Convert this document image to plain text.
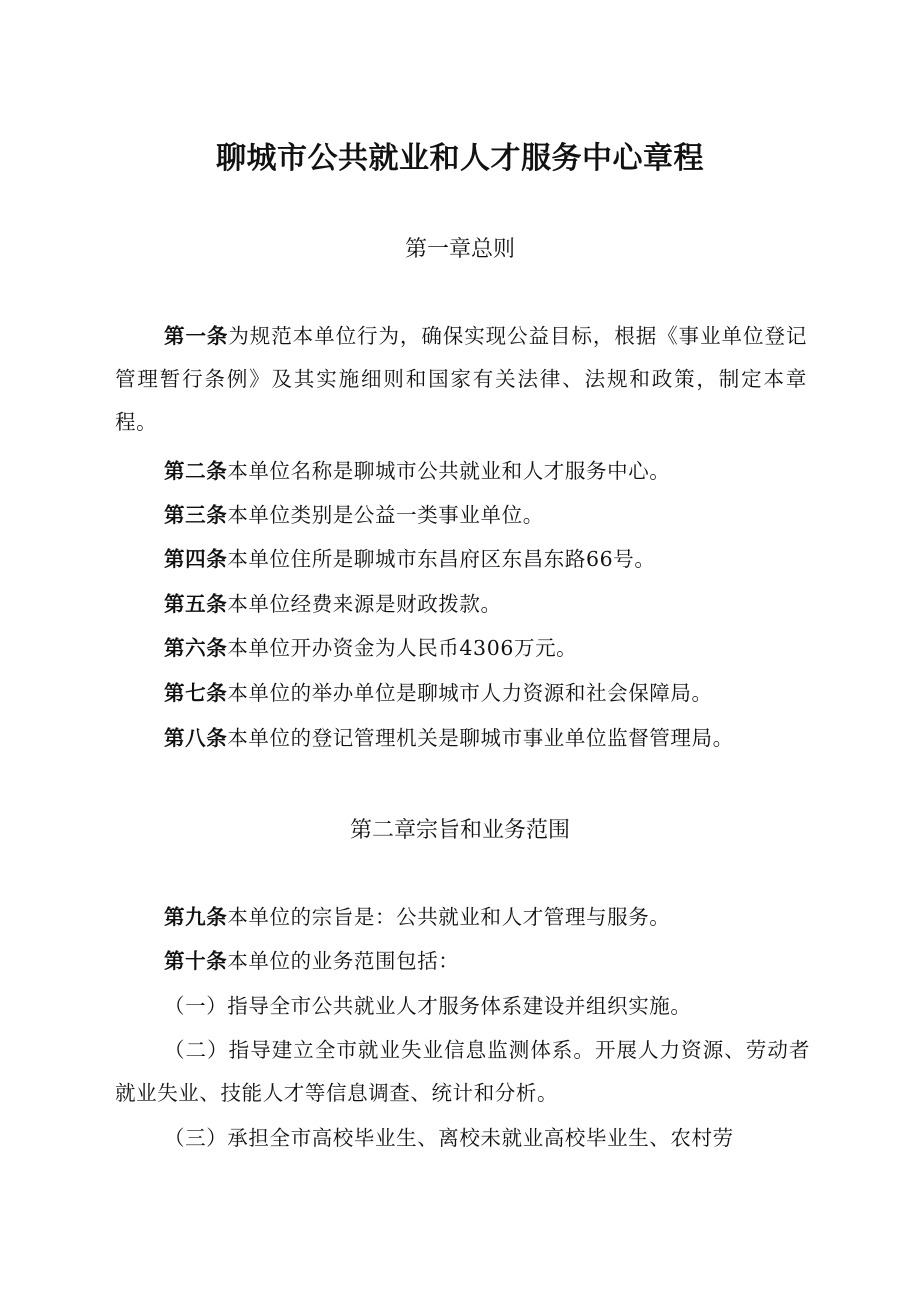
聊城市公共就业和人才服务中心章程
第一章总则
第一条为规范本单位行为，确保实现公益目标，根据《事业单位登记管理暂行条例》及其实施细则和国家有关法律、法规和政策，制定本章程。
第二条本单位名称是聊城市公共就业和人才服务中心。
第三条本单位类别是公益一类事业单位。
第四条本单位住所是聊城市东昌府区东昌东路66号。
第五条本单位经费来源是财政拨款。
第六条本单位开办资金为人民币4306万元。
第七条本单位的举办单位是聊城市人力资源和社会保障局。
第八条本单位的登记管理机关是聊城市事业单位监督管理局。
第二章宗旨和业务范围
第九条本单位的宗旨是：公共就业和人才管理与服务。
第十条本单位的业务范围包括：
（一）指导全市公共就业人才服务体系建设并组织实施。
（二）指导建立全市就业失业信息监测体系。开展人力资源、劳动者就业失业、技能人才等信息调查、统计和分析。
（三）承担全市高校毕业生、离校未就业高校毕业生、农村劳
